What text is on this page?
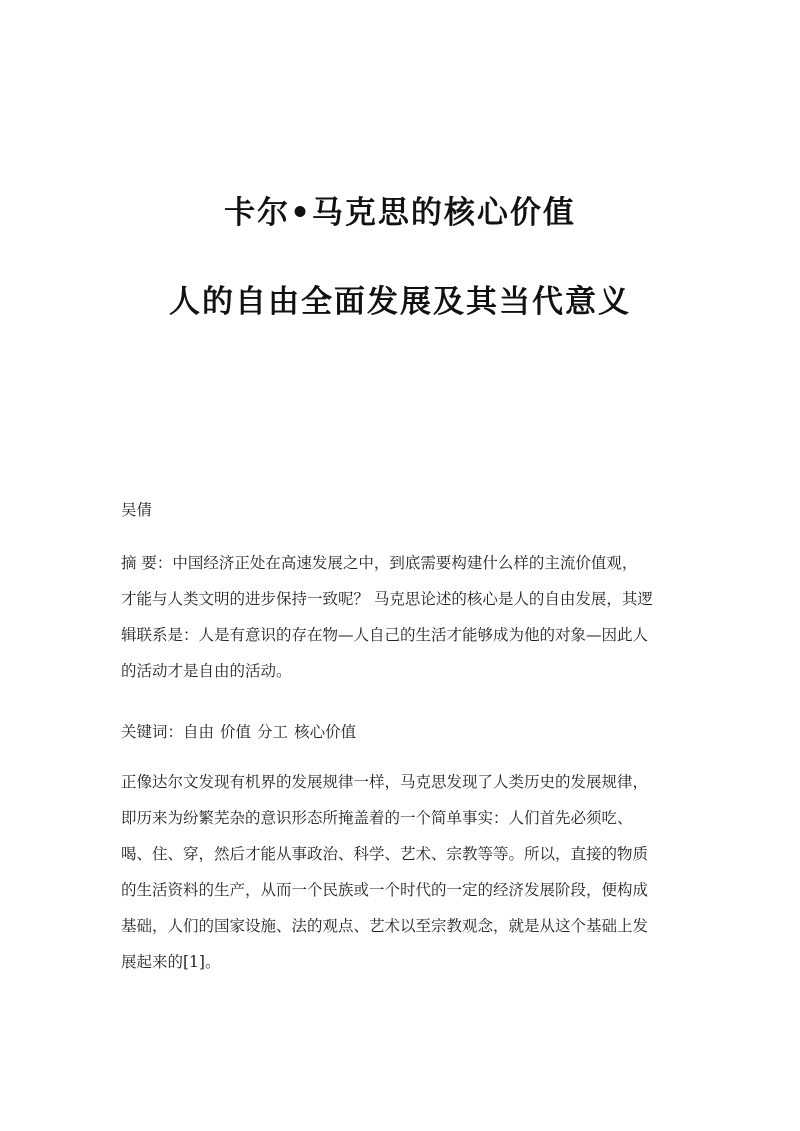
卡尔•马克思的核心价值
人的自由全面发展及其当代意义

吴倩

摘 要：中国经济正处在高速发展之中，到底需要构建什么样的主流价值观，
才能与人类文明的进步保持一致呢？ 马克思论述的核心是人的自由发展，其逻
辑联系是：人是有意识的存在物—人自己的生活才能够成为他的对象—因此人
的活动才是自由的活动。

关键词：自由 价值 分工 核心价值

正像达尔文发现有机界的发展规律一样，马克思发现了人类历史的发展规律，
即历来为纷繁芜杂的意识形态所掩盖着的一个简单事实：人们首先必须吃、
喝、住、穿，然后才能从事政治、科学、艺术、宗教等等。所以，直接的物质
的生活资料的生产，从而一个民族或一个时代的一定的经济发展阶段，便构成
基础，人们的国家设施、法的观点、艺术以至宗教观念，就是从这个基础上发
展起来的[1]。
